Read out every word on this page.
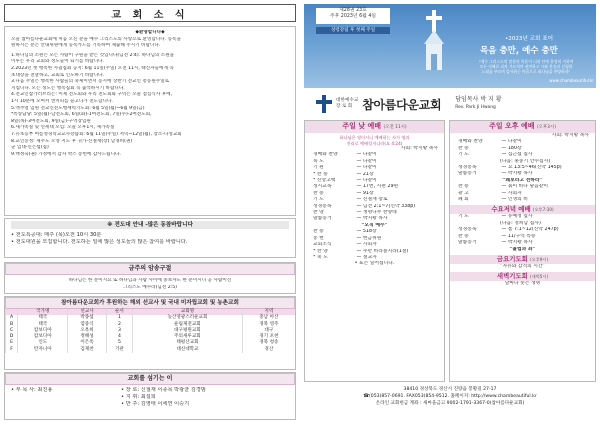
교 회 소 식
◆환영합니다◆
오늘 참아름다운교회에 처음 오신 분을 예수 그리스도의 사랑으로 환영합니다. 등록을
원하시는 분은 안내위원에게 등록카드를 기록하여 제출해 주시기 바랍니다.
1.하나님의 소원은 모든 사람이 구원을 받는 것입니다(딤전 2:4). 하나님의 소원을
이루는 우리 교회와 성도들이 되기를 바랍니다.
2.2023년 첫 행복한 사귐집회 공지: 6월 11일(주일) 오전 11시, 태신자들에게 꼭
초대장을 전달하고, 교회로 인도하기 바랍니다.
3.다음 주일은 행복한 사람들의 축제이면서 동시에 상반기 전교인 총동원주일로
지킵니다. 모든 성도는 행복집회 꼭 출석하시기 바랍니다.
4.전교인참가러브리는: 이제 전도회와 우리 전도회와 구역은 오늘 점심식사 후에,
1시 10분에 모여서 캔커피를 들고나가 전도합니다.
5.액추얼 임원 전교인전도행세력기도회: 6월 5일(월)~6월 9일(금)
*특송담당: 5일(월)-남전도회, 6일(화)-1여전도회, 7일(수)-2여전도회,
8일(목)-3여전도회, 9일(금)-구역장임원
6.새가족실 및 연세대 모임: 오늘 오후1시, 새가족실
7.유초등부 여름성경학교교사강습회: 6월 11일(주일) 저녁~12일(월), 장소-나성교회
8.교인동정: 제주도 오영 지도 후 귀가-신철재(장) 남경희(권)
군 입대-신은섭(집)
9.백정숙(권) 가정에서 감자 박스 봉헌에 감사드립니다.
※ 전도대 안내 -많은 동참바랍니다
• 전도특공대: 매주 (목)오전 10시 30분
• 전도대원을 모집합니다. 전도하는 일에 많은 성도들의 많은 참여를 바랍니다.
금주의 암송구절
하나님은 한 분이시요 또 하나님과 사람 사이에 중보자도 한 분이시니 곧 사람이신
그리스도 예수라(딤전 2:5)
참아름다운교회가 후원하는 해외 선교사 및 국내 미자립교회 및 농촌교회
	국가명	선교사	순서	교회명	지역
A	태국	박종섭	1	농산영광스러운교회	충남 아산
B	태국	염중식	2	운림제전교회	경북 영주
C	캄보디아	오옥희	3	대구평원교회	대구
D	캄보디아	정해성	4	주의새루교회	경기 포천
E	인도	이은옥	5	태평산교회	경북 청송
F	탄자니아	김제찬	기관	대신대학교	경산
교회를 섬기는 이
• 부 목 사: 최진용	• 장 로: 신철재 이종목 박광균 김경범
• 지 휘: 최설희
• 반 주: 김영태 이세연 이승기
제28권 23호
주후 2023년 6월 4일
성령강림 후 첫째 주일
•2023년 교회 표어
목음 충만, 예수 충만
“예수 그리스도의 말씀의 복음이 너희 안에 풍성히 거하여
모든 지혜로 피차 가르치며 권면하고 시와 찬송과 신령한
노래를 부르며 감사하는 마음으로 하나님을 찬양하라”
www.chambeautiful.kr
대한예수교
장 로 회 참아름다운교회 담임목사 박 지 황
Rev. Park Ji Hwang
주일 낮 예배 (오전 11시)
하나님은 영이시니 예배하는 자가 영과
진리로 예배할지니라(요 4:24)
사회: 박지황 목사
경배와 찬양	— 다같이
묵 도	— 다같이
기 원	— 다같이
* 찬 송	— 21장
* 신앙고백	— 다같이
성시교독	— 17번, 시편 29편
찬 송	— 91장
기 도	— 신철재 장로
성경봉독	— 딤전 2:1~7(신약 338p)
찬 양	— 생명나무 찬양대
말씀증거	— 박지황 목사
“오직 예수”
찬 송	— 518장
봉 헌	— 헌금위원
교회소식	— 사회자
* 찬 양	— 주만 바라볼지라(1절)
* 축 도	— 설교자
• 표는 일어섭니다.
주일 오후 예배 (오후3시)
사회: 박지황 목사
경배와 찬양	— 다같이
찬 송	— 180장
기 도	— 심근섭 집사
(다음: 홍중기 안수집사)
성경봉독	— 요 13:5~46(신약 145p)
말씀증거	— 박지황 목사
“왜보라고 전하라”
찬 송	— 묶이 바다 덮음같이
광 고	— 사회자
폐 회	— 인생의 비
수요저녁 예배 (오후7:30)
기 도	— 유예정 집사
(다음: 정희남 집사)
성경봉독	— 롬 7:1~12(신약 247p)
찬 송	— 11/구역 특송
말씀증거	— 박지황 목사
“율법과 좌”
금요기도회 (오후9시)
“자유와 감격의 시간”
새벽기도회 (새벽5시)
날마다 솟는 생명
38410 경상북도 경산시 진량읍 봉황길 27-17
☎(053)857-0691. FAX053)854-9512. 홈페이지: http://www.chambeautiful.kr
온라인 교회헌금 계좌 : 새마을금고 9002-1791-3367-0(참아름다운교회)
